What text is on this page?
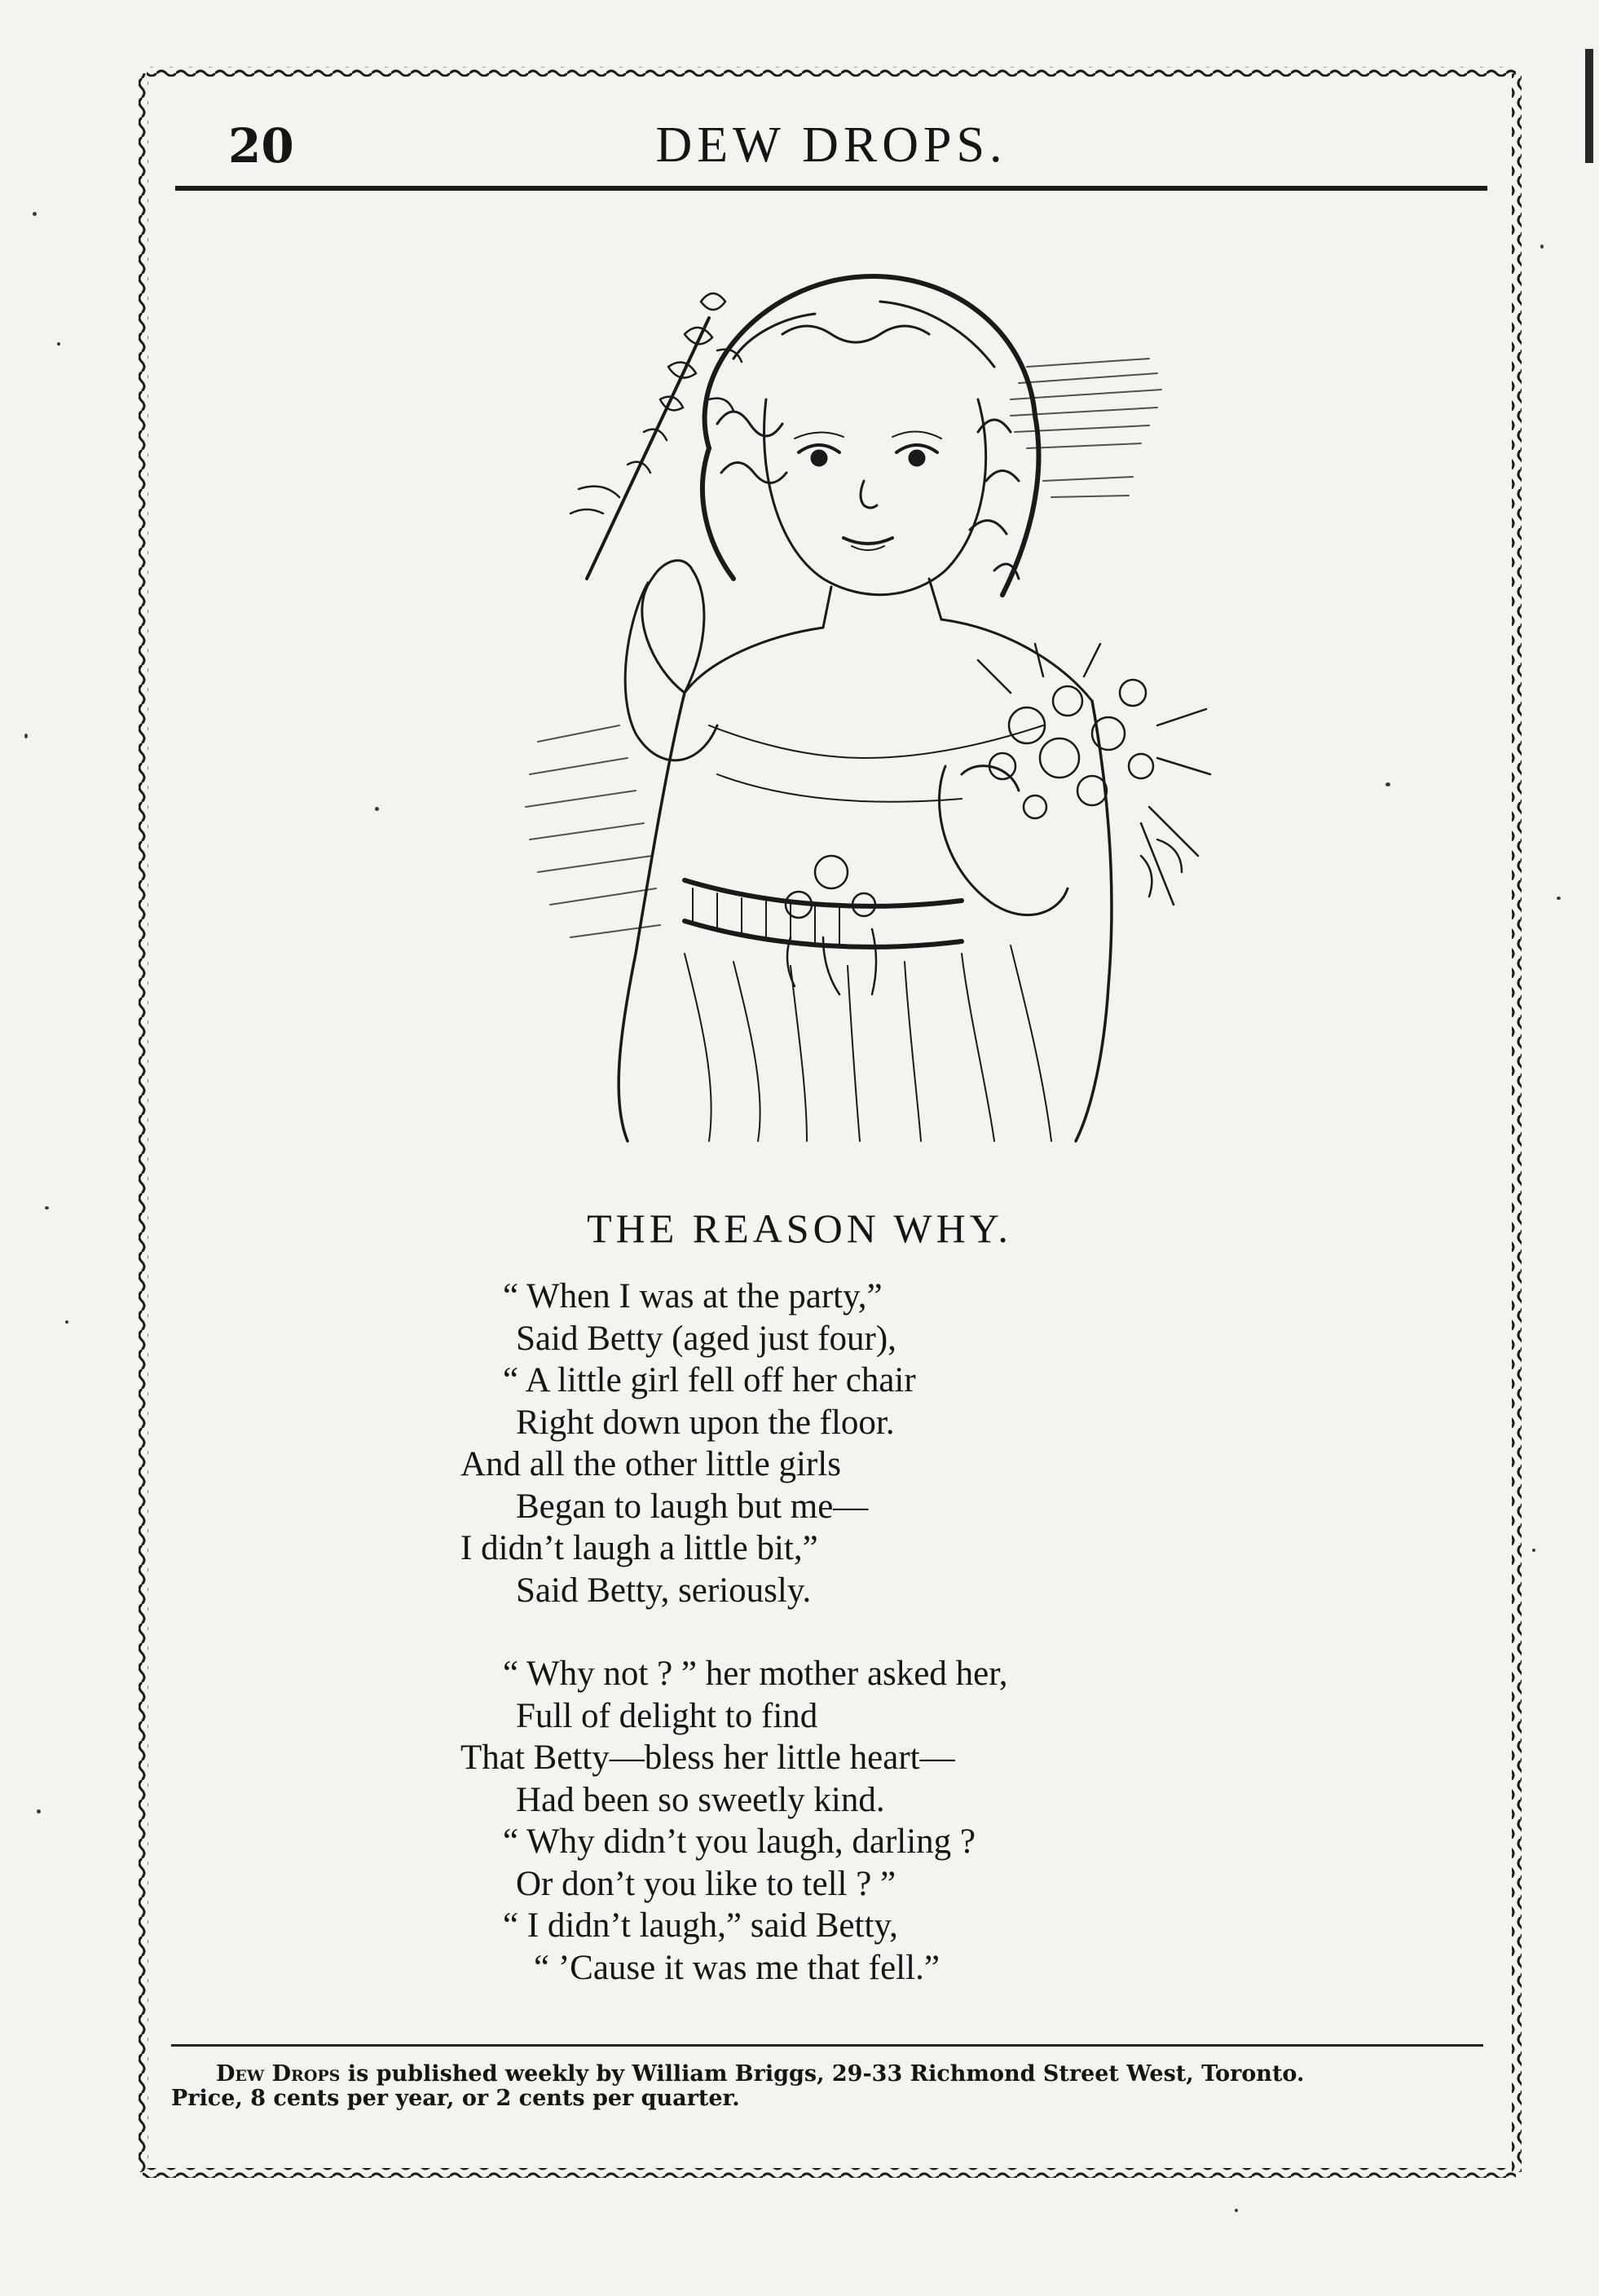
20	DEW DROPS.
THE REASON WHY.
“ When I was at the party,”
Said Betty (aged just four),
“ A little girl fell off her chair
Right down upon the floor.
And all the other little girls
Began to laugh but me—
I didn’t laugh a little bit,”
Said Betty, seriously.
“ Why not ? ” her mother asked her,
Full of delight to find
That Betty—bless her little heart—
Had been so sweetly kind.
“ Why didn’t you laugh, darling ?
Or don’t you like to tell ? ”
“ I didn’t laugh,” said Betty,
“ ’Cause it was me that fell.”
Dew Drops is published weekly by William Briggs, 29-33 Richmond Street West, Toronto.
Price, 8 cents per year, or 2 cents per quarter.
